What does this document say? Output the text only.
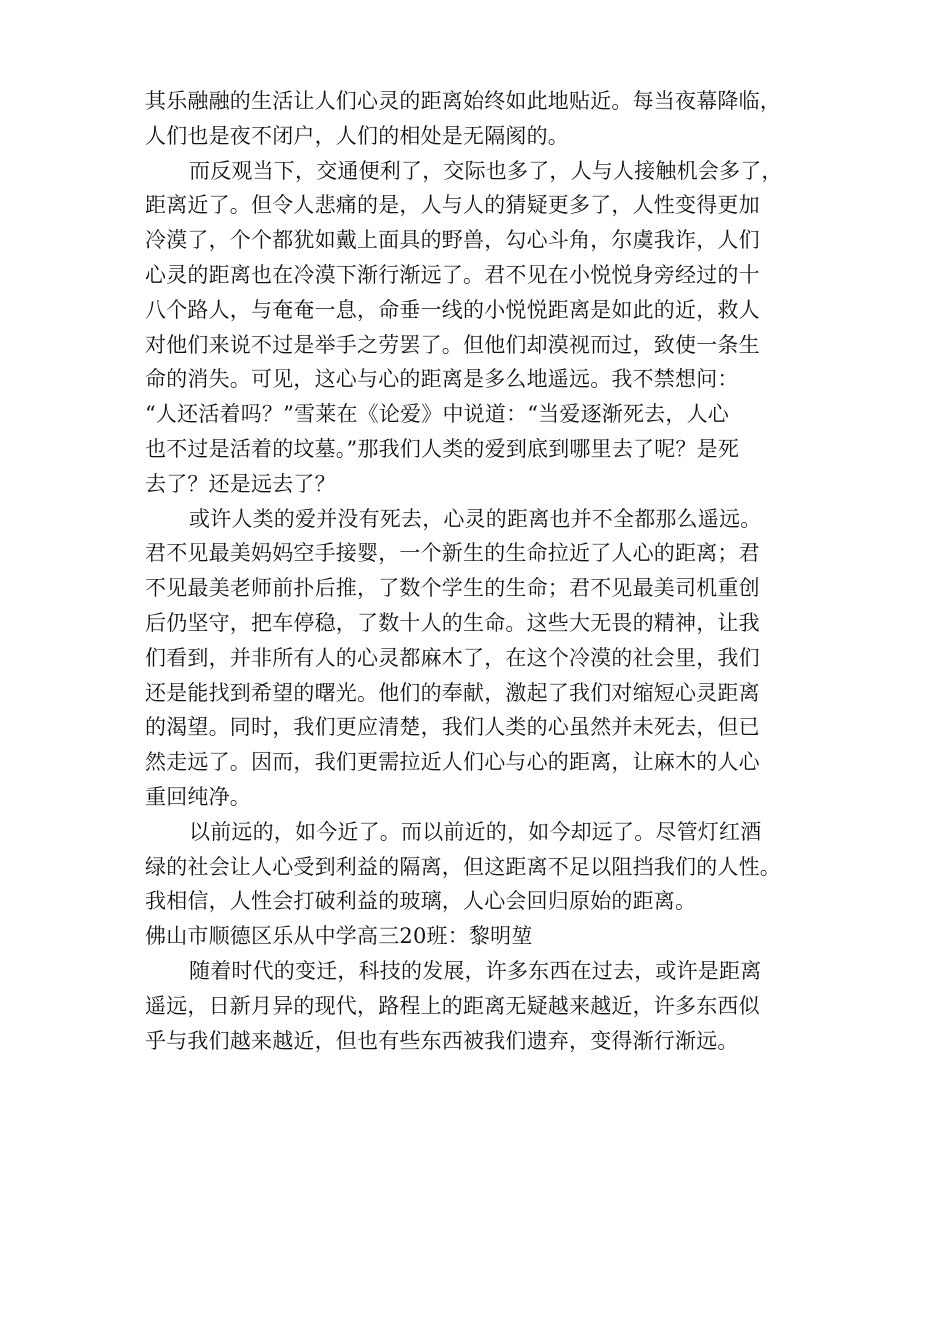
其乐融融的生活让人们心灵的距离始终如此地贴近。每当夜幕降临，
人们也是夜不闭户，人们的相处是无隔阂的。
而反观当下，交通便利了，交际也多了，人与人接触机会多了，
距离近了。但令人悲痛的是，人与人的猜疑更多了，人性变得更加
冷漠了，个个都犹如戴上面具的野兽，勾心斗角，尔虞我诈，人们
心灵的距离也在冷漠下渐行渐远了。君不见在小悦悦身旁经过的十
八个路人，与奄奄一息，命垂一线的小悦悦距离是如此的近，救人
对他们来说不过是举手之劳罢了。但他们却漠视而过，致使一条生
命的消失。可见，这心与心的距离是多么地遥远。我不禁想问：
“人还活着吗？”雪莱在《论爱》中说道：“当爱逐渐死去，人心
也不过是活着的坟墓。”那我们人类的爱到底到哪里去了呢？是死
去了？还是远去了？
或许人类的爱并没有死去，心灵的距离也并不全都那么遥远。
君不见最美妈妈空手接婴，一个新生的生命拉近了人心的距离；君
不见最美老师前扑后推，了数个学生的生命；君不见最美司机重创
后仍坚守，把车停稳，了数十人的生命。这些大无畏的精神，让我
们看到，并非所有人的心灵都麻木了，在这个冷漠的社会里，我们
还是能找到希望的曙光。他们的奉献，激起了我们对缩短心灵距离
的渴望。同时，我们更应清楚，我们人类的心虽然并未死去，但已
然走远了。因而，我们更需拉近人们心与心的距离，让麻木的人心
重回纯净。
以前远的，如今近了。而以前近的，如今却远了。尽管灯红酒
绿的社会让人心受到利益的隔离，但这距离不足以阻挡我们的人性。
我相信，人性会打破利益的玻璃，人心会回归原始的距离。
佛山市顺德区乐从中学高三20班：黎明堃
随着时代的变迁，科技的发展，许多东西在过去，或许是距离
遥远，日新月异的现代，路程上的距离无疑越来越近，许多东西似
乎与我们越来越近，但也有些东西被我们遗弃，变得渐行渐远。
